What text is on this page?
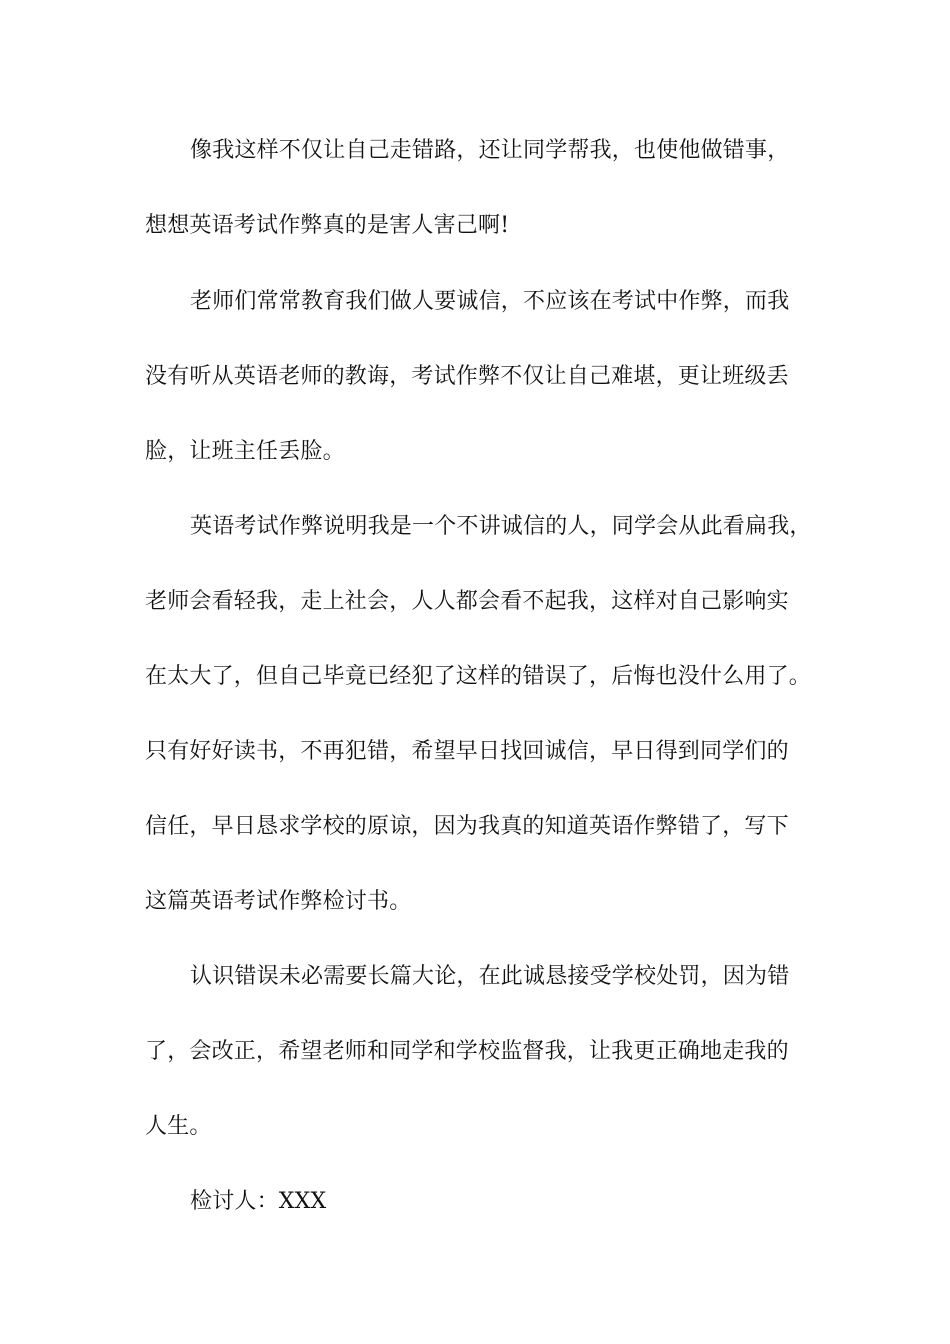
像我这样不仅让自己走错路，还让同学帮我，也使他做错事，
想想英语考试作弊真的是害人害己啊!
老师们常常教育我们做人要诚信，不应该在考试中作弊，而我
没有听从英语老师的教诲，考试作弊不仅让自己难堪，更让班级丢
脸，让班主任丢脸。
英语考试作弊说明我是一个不讲诚信的人，同学会从此看扁我，
老师会看轻我，走上社会，人人都会看不起我，这样对自己影响实
在太大了，但自己毕竟已经犯了这样的错误了，后悔也没什么用了。
只有好好读书，不再犯错，希望早日找回诚信，早日得到同学们的
信任，早日恳求学校的原谅，因为我真的知道英语作弊错了，写下
这篇英语考试作弊检讨书。
认识错误未必需要长篇大论，在此诚恳接受学校处罚，因为错
了，会改正，希望老师和同学和学校监督我，让我更正确地走我的
人生。
检讨人：XXX
